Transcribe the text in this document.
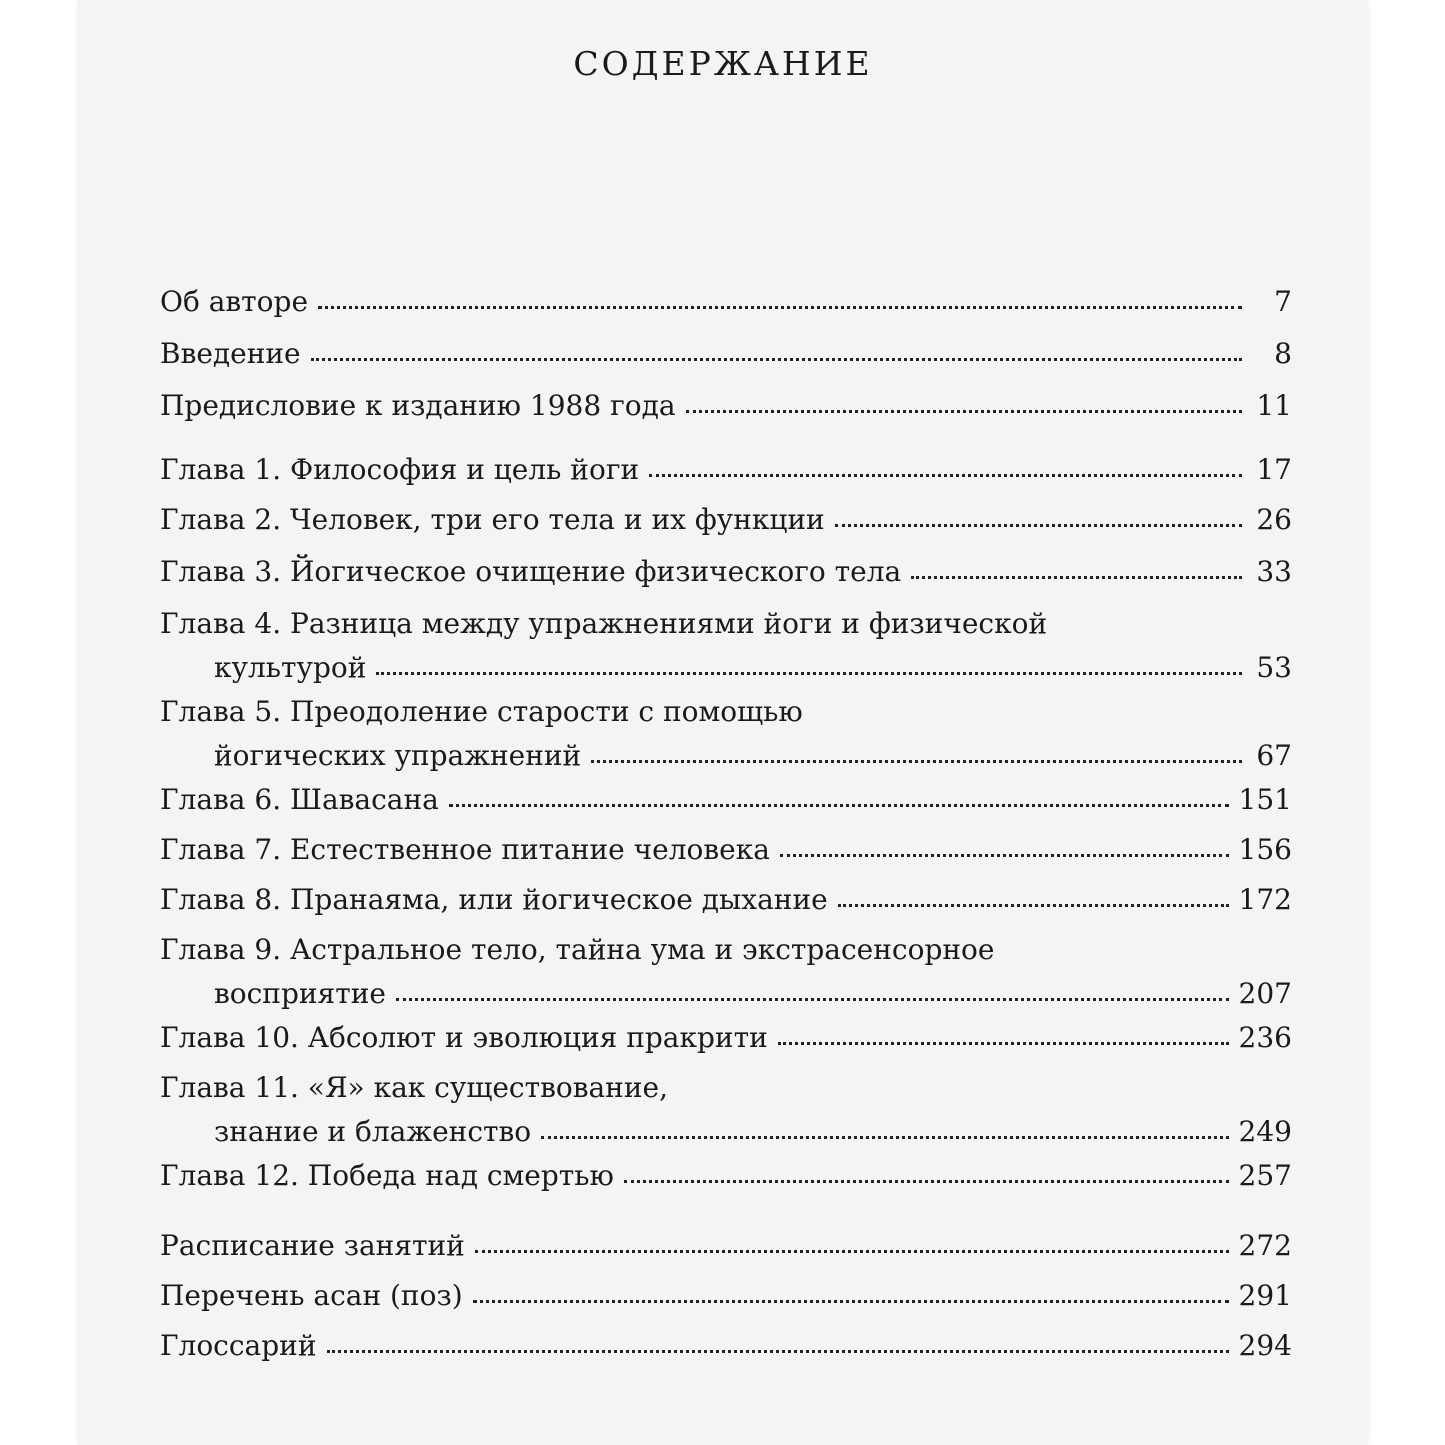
СОДЕРЖАНИЕ
Об авторе	7
Введение	8
Предисловие к изданию 1988 года	11
Глава 1. Философия и цель йоги	17
Глава 2. Человек, три его тела и их функции	26
Глава 3. Йогическое очищение физического тела	33
Глава 4. Разница между упражнениями йоги и физической
культурой	53
Глава 5. Преодоление старости с помощью
йогических упражнений	67
Глава 6. Шавасана	151
Глава 7. Естественное питание человека	156
Глава 8. Пранаяма, или йогическое дыхание	172
Глава 9. Астральное тело, тайна ума и экстрасенсорное
восприятие	207
Глава 10. Абсолют и эволюция пракрити	236
Глава 11. «Я» как существование,
знание и блаженство	249
Глава 12. Победа над смертью	257
Расписание занятий	272
Перечень асан (поз)	291
Глоссарий	294
